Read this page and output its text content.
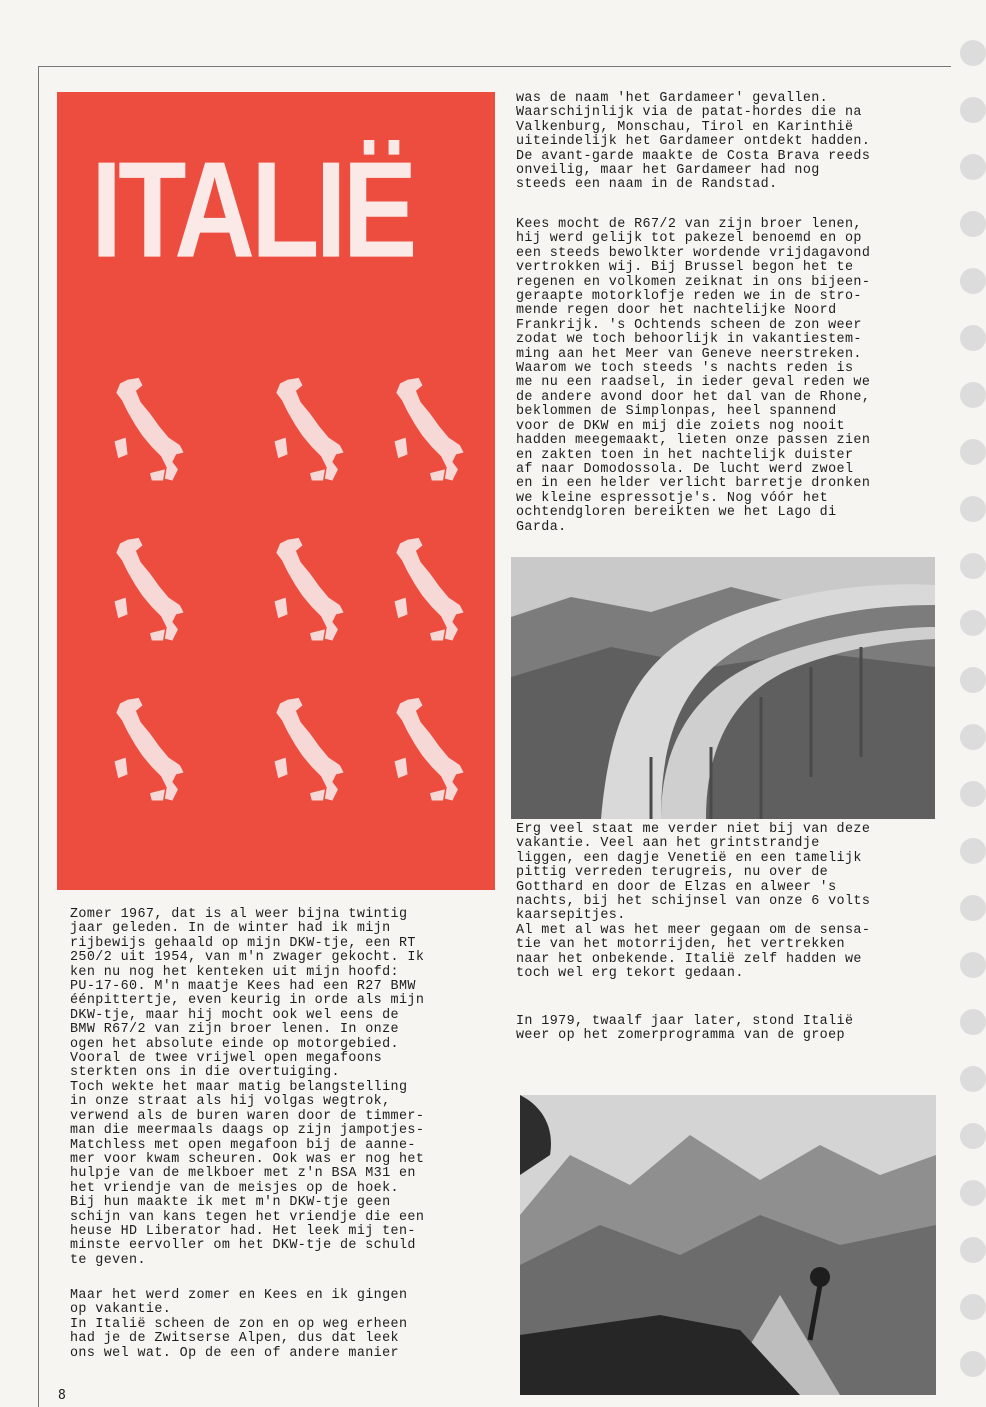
ITALIË
Zomer 1967, dat is al weer bijna twintig
jaar geleden. In de winter had ik mijn
rijbewijs gehaald op mijn DKW-tje, een RT
250/2 uit 1954, van m'n zwager gekocht. Ik
ken nu nog het kenteken uit mijn hoofd:
PU-17-60. M'n maatje Kees had een R27 BMW
éénpittertje, even keurig in orde als mijn
DKW-tje, maar hij mocht ook wel eens de
BMW R67/2 van zijn broer lenen. In onze
ogen het absolute einde op motorgebied.
Vooral de twee vrijwel open megafoons
sterkten ons in die overtuiging.
Toch wekte het maar matig belangstelling
in onze straat als hij volgas wegtrok,
verwend als de buren waren door de timmer-
man die meermaals daags op zijn jampotjes-
Matchless met open megafoon bij de aanne-
mer voor kwam scheuren. Ook was er nog het
hulpje van de melkboer met z'n BSA M31 en
het vriendje van de meisjes op de hoek.
Bij hun maakte ik met m'n DKW-tje geen
schijn van kans tegen het vriendje die een
heuse HD Liberator had. Het leek mij ten-
minste eervoller om het DKW-tje de schuld
te geven.
Maar het werd zomer en Kees en ik gingen
op vakantie.
In Italië scheen de zon en op weg erheen
had je de Zwitserse Alpen, dus dat leek
ons wel wat. Op de een of andere manier
was de naam 'het Gardameer' gevallen.
Waarschijnlijk via de patat-hordes die na
Valkenburg, Monschau, Tirol en Karinthië
uiteindelijk het Gardameer ontdekt hadden.
De avant-garde maakte de Costa Brava reeds
onveilig, maar het Gardameer had nog
steeds een naam in de Randstad.
Kees mocht de R67/2 van zijn broer lenen,
hij werd gelijk tot pakezel benoemd en op
een steeds bewolkter wordende vrijdagavond
vertrokken wij. Bij Brussel begon het te
regenen en volkomen zeiknat in ons bijeen-
geraapte motorklofje reden we in de stro-
mende regen door het nachtelijke Noord
Frankrijk. 's Ochtends scheen de zon weer
zodat we toch behoorlijk in vakantiestem-
ming aan het Meer van Geneve neerstreken.
Waarom we toch steeds 's nachts reden is
me nu een raadsel, in ieder geval reden we
de andere avond door het dal van de Rhone,
beklommen de Simplonpas, heel spannend
voor de DKW en mij die zoiets nog nooit
hadden meegemaakt, lieten onze passen zien
en zakten toen in het nachtelijk duister
af naar Domodossola. De lucht werd zwoel
en in een helder verlicht barretje dronken
we kleine espressotje's. Nog vóór het
ochtendgloren bereikten we het Lago di
Garda.
Erg veel staat me verder niet bij van deze
vakantie. Veel aan het grintstrandje
liggen, een dagje Venetië en een tamelijk
pittig verreden terugreis, nu over de
Gotthard en door de Elzas en alweer 's
nachts, bij het schijnsel van onze 6 volts
kaarsepitjes.
Al met al was het meer gegaan om de sensa-
tie van het motorrijden, het vertrekken
naar het onbekende. Italië zelf hadden we
toch wel erg tekort gedaan.
In 1979, twaalf jaar later, stond Italië
weer op het zomerprogramma van de groep
8
